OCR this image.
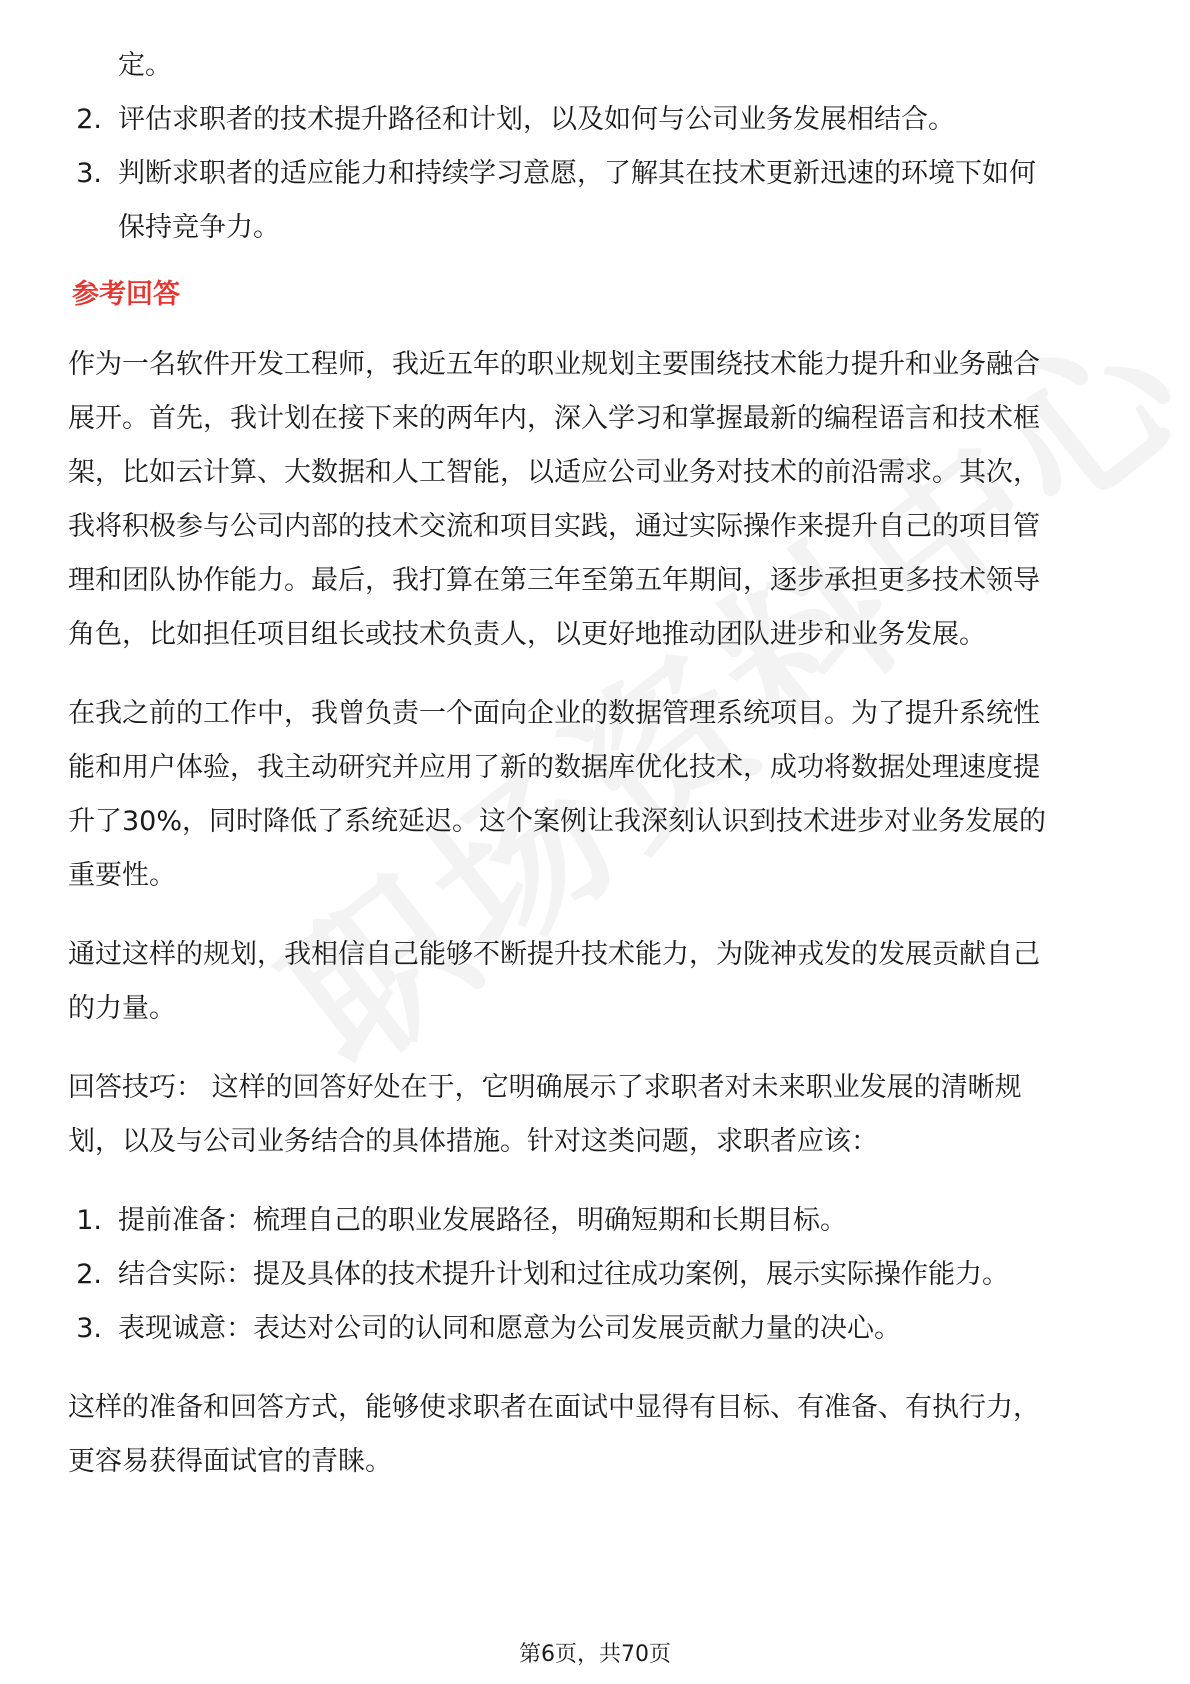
定。
2. 评估求职者的技术提升路径和计划，以及如何与公司业务发展相结合。
3. 判断求职者的适应能力和持续学习意愿，了解其在技术更新迅速的环境下如何
保持竞争力。
参考回答
作为一名软件开发工程师，我近五年的职业规划主要围绕技术能力提升和业务融合
展开。首先，我计划在接下来的两年内，深入学习和掌握最新的编程语言和技术框
架，比如云计算、大数据和人工智能，以适应公司业务对技术的前沿需求。其次，
我将积极参与公司内部的技术交流和项目实践，通过实际操作来提升自己的项目管
理和团队协作能力。最后，我打算在第三年至第五年期间，逐步承担更多技术领导
角色，比如担任项目组长或技术负责人，以更好地推动团队进步和业务发展。
在我之前的工作中，我曾负责一个面向企业的数据管理系统项目。为了提升系统性
能和用户体验，我主动研究并应用了新的数据库优化技术，成功将数据处理速度提
升了30%，同时降低了系统延迟。这个案例让我深刻认识到技术进步对业务发展的
重要性。
通过这样的规划，我相信自己能够不断提升技术能力，为陇神戎发的发展贡献自己
的力量。
回答技巧： 这样的回答好处在于，它明确展示了求职者对未来职业发展的清晰规
划，以及与公司业务结合的具体措施。针对这类问题，求职者应该：
1. 提前准备：梳理自己的职业发展路径，明确短期和长期目标。
2. 结合实际：提及具体的技术提升计划和过往成功案例，展示实际操作能力。
3. 表现诚意：表达对公司的认同和愿意为公司发展贡献力量的决心。
这样的准备和回答方式，能够使求职者在面试中显得有目标、有准备、有执行力，
更容易获得面试官的青睐。
第6页，共70页
